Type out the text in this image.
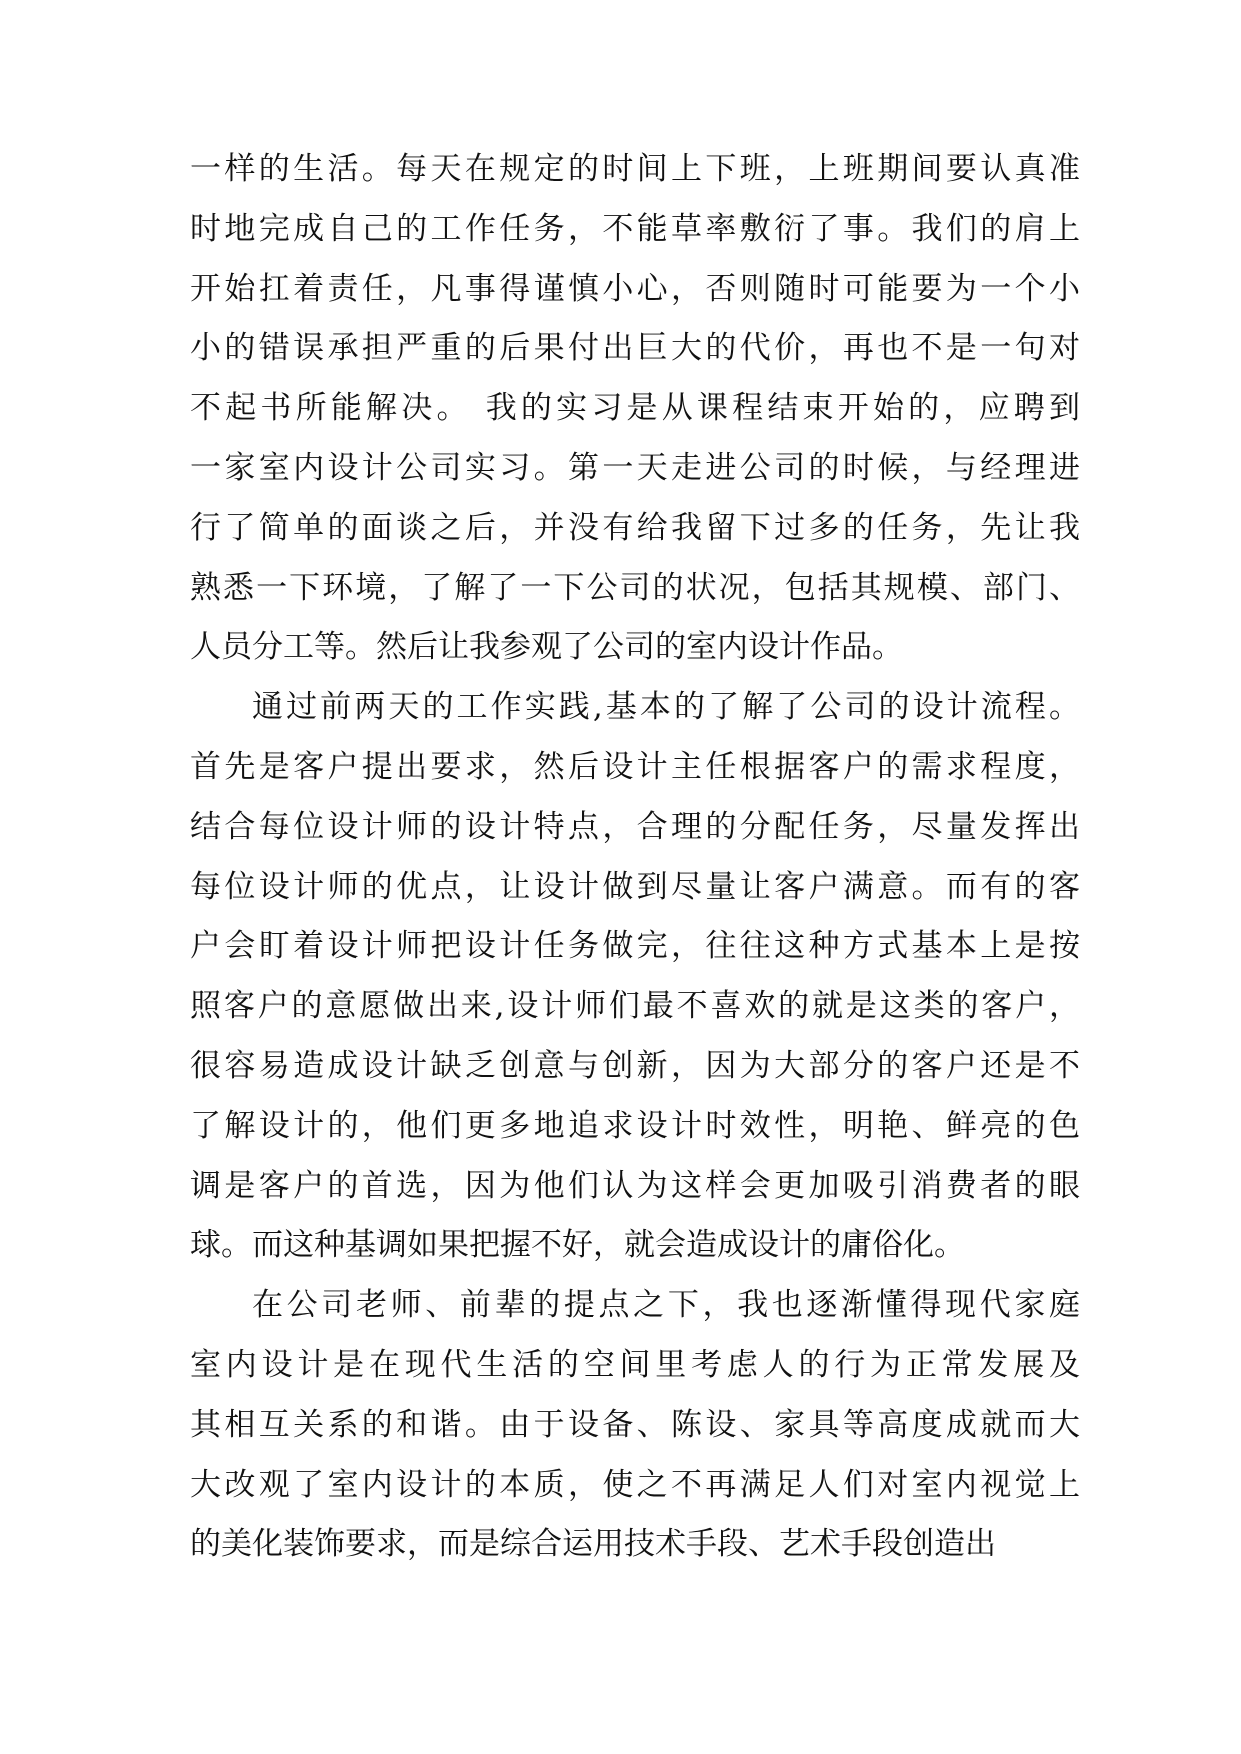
一样的生活。每天在规定的时间上下班，上班期间要认真准
时地完成自己的工作任务，不能草率敷衍了事。我们的肩上
开始扛着责任，凡事得谨慎小心，否则随时可能要为一个小
小的错误承担严重的后果付出巨大的代价，再也不是一句对
不起书所能解决。 我的实习是从课程结束开始的，应聘到
一家室内设计公司实习。第一天走进公司的时候，与经理进
行了简单的面谈之后，并没有给我留下过多的任务，先让我
熟悉一下环境，了解了一下公司的状况，包括其规模、部门、
人员分工等。然后让我参观了公司的室内设计作品。
通过前两天的工作实践,基本的了解了公司的设计流程。
首先是客户提出要求，然后设计主任根据客户的需求程度，
结合每位设计师的设计特点，合理的分配任务，尽量发挥出
每位设计师的优点，让设计做到尽量让客户满意。而有的客
户会盯着设计师把设计任务做完，往往这种方式基本上是按
照客户的意愿做出来,设计师们最不喜欢的就是这类的客户，
很容易造成设计缺乏创意与创新，因为大部分的客户还是不
了解设计的，他们更多地追求设计时效性，明艳、鲜亮的色
调是客户的首选，因为他们认为这样会更加吸引消费者的眼
球。而这种基调如果把握不好，就会造成设计的庸俗化。
在公司老师、前辈的提点之下，我也逐渐懂得现代家庭
室内设计是在现代生活的空间里考虑人的行为正常发展及
其相互关系的和谐。由于设备、陈设、家具等高度成就而大
大改观了室内设计的本质，使之不再满足人们对室内视觉上
的美化装饰要求，而是综合运用技术手段、艺术手段创造出
